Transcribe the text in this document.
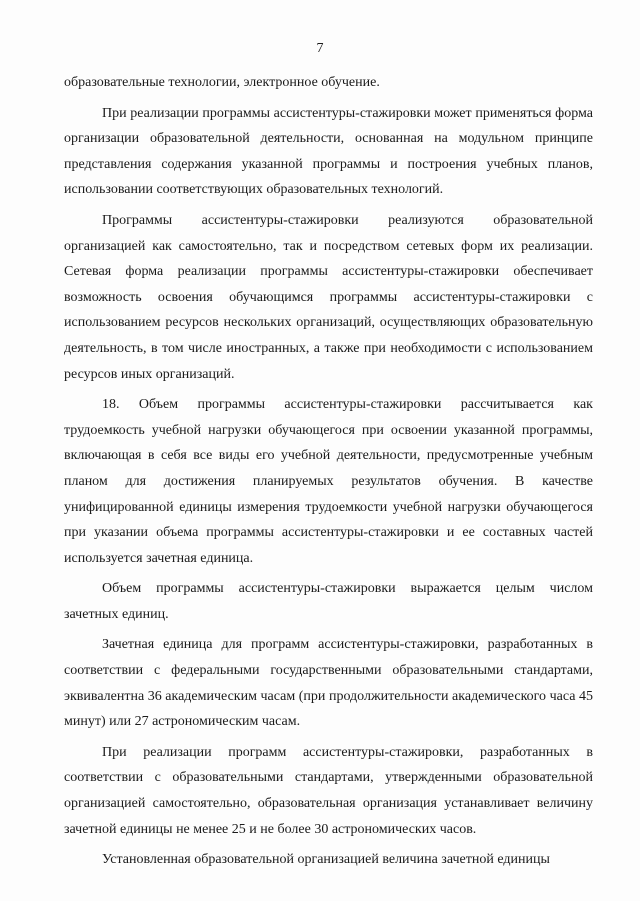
7

образовательные технологии, электронное обучение.

При реализации программы ассистентуры-стажировки может применяться форма организации образовательной деятельности, основанная на модульном принципе представления содержания указанной программы и построения учебных планов, использовании соответствующих образовательных технологий.

Программы ассистентуры-стажировки реализуются образовательной организацией как самостоятельно, так и посредством сетевых форм их реализации. Сетевая форма реализации программы ассистентуры-стажировки обеспечивает возможность освоения обучающимся программы ассистентуры-стажировки с использованием ресурсов нескольких организаций, осуществляющих образовательную деятельность, в том числе иностранных, а также при необходимости с использованием ресурсов иных организаций.

18. Объем программы ассистентуры-стажировки рассчитывается как трудоемкость учебной нагрузки обучающегося при освоении указанной программы, включающая в себя все виды его учебной деятельности, предусмотренные учебным планом для достижения планируемых результатов обучения. В качестве унифицированной единицы измерения трудоемкости учебной нагрузки обучающегося при указании объема программы ассистентуры-стажировки и ее составных частей используется зачетная единица.

Объем программы ассистентуры-стажировки выражается целым числом зачетных единиц.

Зачетная единица для программ ассистентуры-стажировки, разработанных в соответствии с федеральными государственными образовательными стандартами, эквивалентна 36 академическим часам (при продолжительности академического часа 45 минут) или 27 астрономическим часам.

При реализации программ ассистентуры-стажировки, разработанных в соответствии с образовательными стандартами, утвержденными образовательной организацией самостоятельно, образовательная организация устанавливает величину зачетной единицы не менее 25 и не более 30 астрономических часов.

Установленная образовательной организацией величина зачетной единицы
